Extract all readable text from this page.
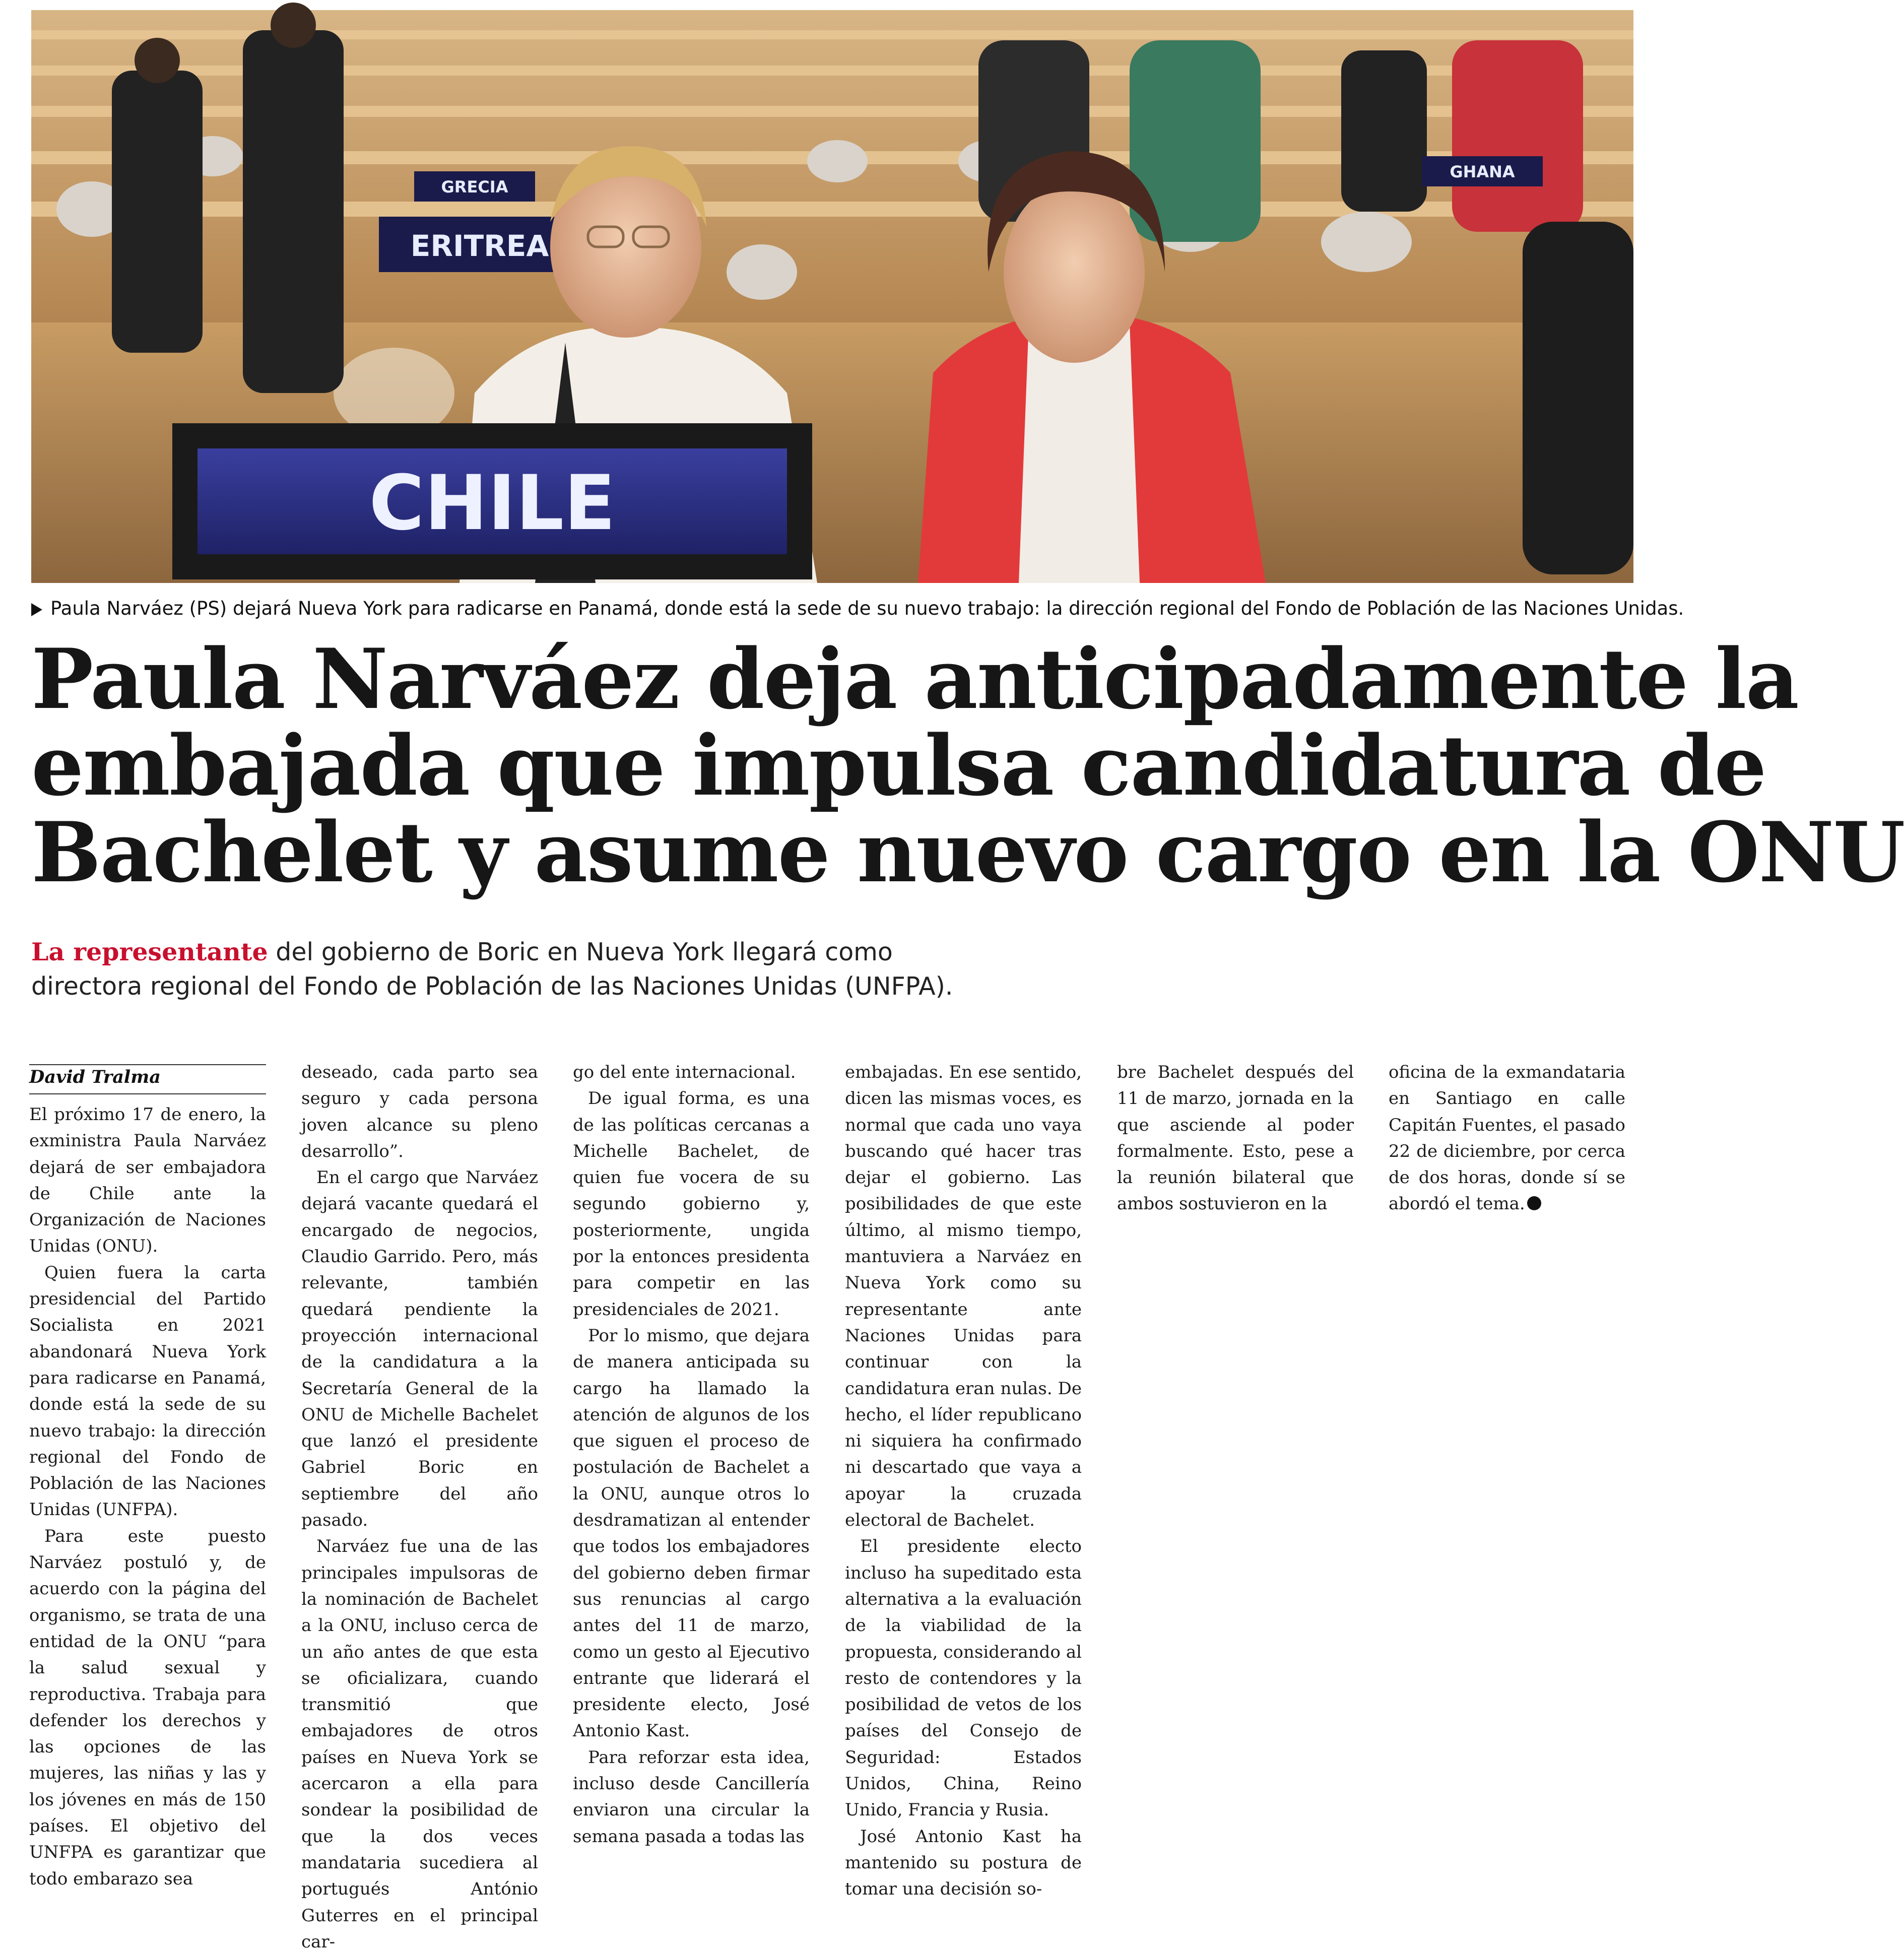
ERITREA
GRECIA
GHANA
CHILE
Paula Narváez (PS) dejará Nueva York para radicarse en Panamá, donde está la sede de su nuevo trabajo: la dirección regional del Fondo de Población de las Naciones Unidas.
Paula Narváez deja anticipadamente la
embajada que impulsa candidatura de
Bachelet y asume nuevo cargo en la ONU
La representante del gobierno de Boric en Nueva York llegará como
directora regional del Fondo de Población de las Naciones Unidas (UNFPA).
David Tralma

El próximo 17 de enero, la exministra Paula Narváez dejará de ser embajadora de Chile ante la Organización de Naciones Unidas (ONU).

Quien fuera la carta presidencial del Partido Socialista en 2021 abandonará Nueva York para radicarse en Panamá, donde está la sede de su nuevo trabajo: la dirección regional del Fondo de Población de las Naciones Unidas (UNFPA).

Para este puesto Narváez postuló y, de acuerdo con la página del organismo, se trata de una entidad de la ONU “para la salud sexual y reproductiva. Trabaja para defender los derechos y las opciones de las mujeres, las niñas y las y los jóvenes en más de 150 países. El objetivo del UNFPA es garantizar que todo embarazo sea

deseado, cada parto sea seguro y cada persona joven alcance su pleno desarrollo”.

En el cargo que Narváez dejará vacante quedará el encargado de negocios, Claudio Garrido. Pero, más relevante, también quedará pendiente la proyección internacional de la candidatura a la Secretaría General de la ONU de Michelle Bachelet que lanzó el presidente Gabriel Boric en septiembre del año pasado.

Narváez fue una de las principales impulsoras de la nominación de Bachelet a la ONU, incluso cerca de un año antes de que esta se oficializara, cuando transmitió que embajadores de otros países en Nueva York se acercaron a ella para sondear la posibilidad de que la dos veces mandataria sucediera al portugués António Guterres en el principal car-

go del ente internacional.

De igual forma, es una de las políticas cercanas a Michelle Bachelet, de quien fue vocera de su segundo gobierno y, posteriormente, ungida por la entonces presidenta para competir en las presidenciales de 2021.

Por lo mismo, que dejara de manera anticipada su cargo ha llamado la atención de algunos de los que siguen el proceso de postulación de Bachelet a la ONU, aunque otros lo desdramatizan al entender que todos los embajadores del gobierno deben firmar sus renuncias al cargo antes del 11 de marzo, como un gesto al Ejecutivo entrante que liderará el presidente electo, José Antonio Kast.

Para reforzar esta idea, incluso desde Cancillería enviaron una circular la semana pasada a todas las

embajadas. En ese sentido, dicen las mismas voces, es normal que cada uno vaya buscando qué hacer tras dejar el gobierno. Las posibilidades de que este último, al mismo tiempo, mantuviera a Narváez en Nueva York como su representante ante Naciones Unidas para continuar con la candidatura eran nulas. De hecho, el líder republicano ni siquiera ha confirmado ni descartado que vaya a apoyar la cruzada electoral de Bachelet.

El presidente electo incluso ha supeditado esta alternativa a la evaluación de la viabilidad de la propuesta, considerando al resto de contendores y la posibilidad de vetos de los países del Consejo de Seguridad: Estados Unidos, China, Reino Unido, Francia y Rusia.

José Antonio Kast ha mantenido su postura de tomar una decisión so-

bre Bachelet después del 11 de marzo, jornada en la que asciende al poder formalmente. Esto, pese a la reunión bilateral que ambos sostuvieron en la

oficina de la exmandataria en Santiago en calle Capitán Fuentes, el pasado 22 de diciembre, por cerca de dos horas, donde sí se abordó el tema.
